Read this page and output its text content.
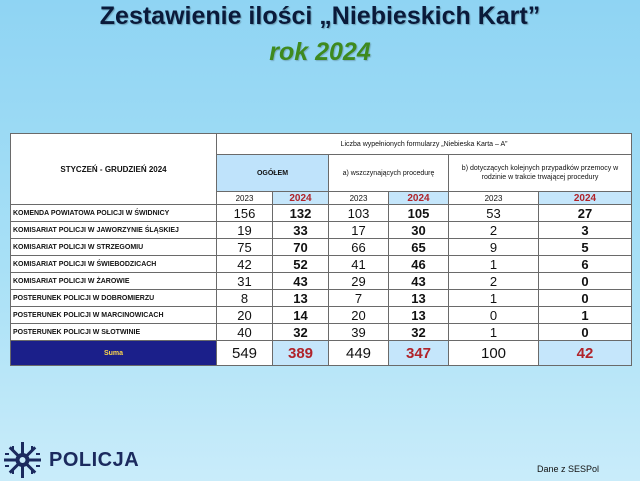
Zestawienie ilości „Niebieskich Kart”
rok 2024
STYCZEŃ - GRUDZIEŃ 2024	Liczba wypełnionych formularzy „Niebieska Karta – A”					
	OGÓŁEM		a) wszczynających procedurę		b) dotyczących kolejnych przypadków przemocy w rodzinie w trakcie trwającej procedury	
	2023	2024	2023	2024	2023	2024
KOMENDA POWIATOWA POLICJI W ŚWIDNICY	156	132	103	105	53	27
KOMISARIAT POLICJI W JAWORZYNIE ŚLĄSKIEJ	19	33	17	30	2	3
KOMISARIAT POLICJI W STRZEGOMIU	75	70	66	65	9	5
KOMISARIAT POLICJI W ŚWIEBODZICACH	42	52	41	46	1	6
KOMISARIAT POLICJI W ŻAROWIE	31	43	29	43	2	0
POSTERUNEK POLICJI W DOBROMIERZU	8	13	7	13	1	0
POSTERUNEK POLICJI W MARCINOWICACH	20	14	20	13	0	1
POSTERUNEK POLICJI W SŁOTWINIE	40	32	39	32	1	0
Suma	549	389	449	347	100	42
POLICJA	Dane z SESPol
